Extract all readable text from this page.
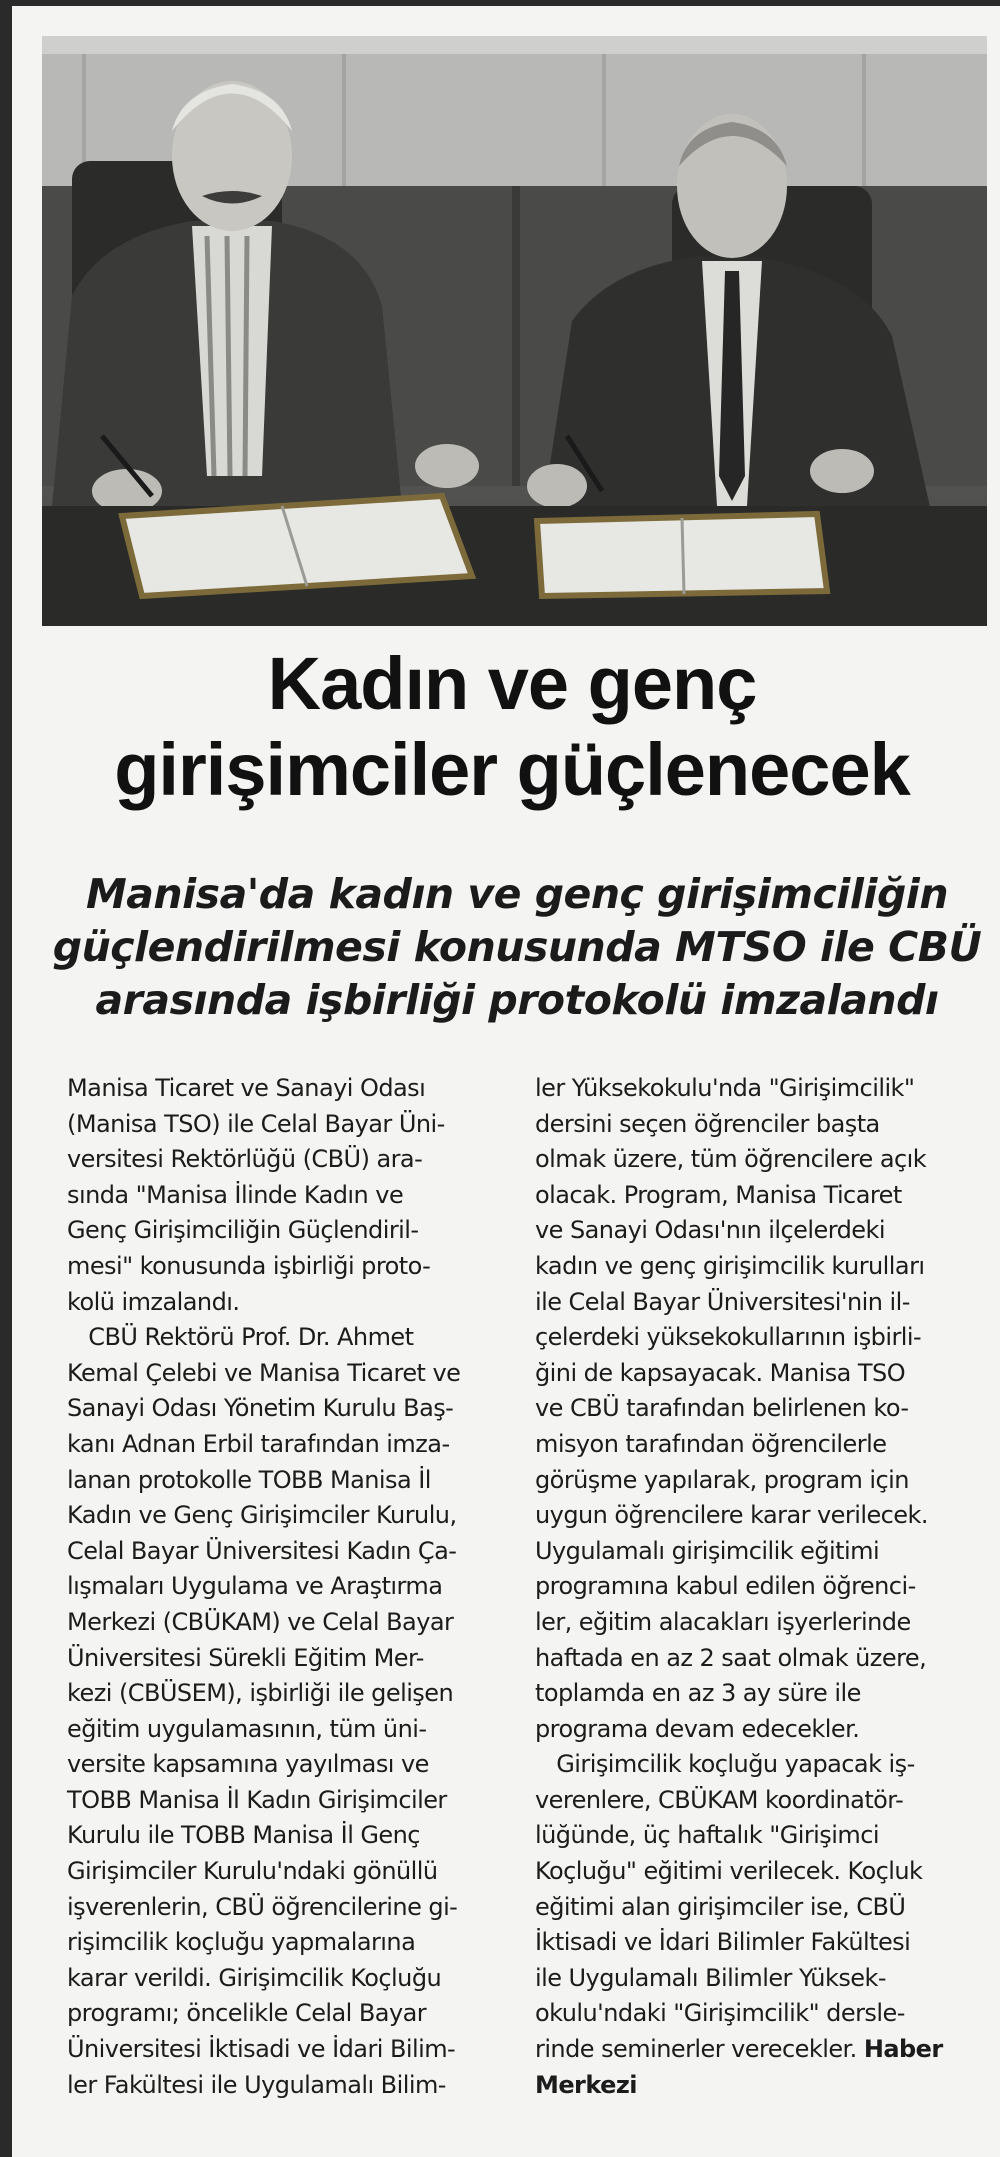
Kadın ve genç
girişimciler güçlenecek
Manisa'da kadın ve genç girişimciliğin
güçlendirilmesi konusunda MTSO ile CBÜ
arasında işbirliği protokolü imzalandı
Manisa Ticaret ve Sanayi Odası
(Manisa TSO) ile Celal Bayar Üni-
versitesi Rektörlüğü (CBÜ) ara-
sında "Manisa İlinde Kadın ve
Genç Girişimciliğin Güçlendiril-
mesi" konusunda işbirliği proto-
kolü imzalandı.
CBÜ Rektörü Prof. Dr. Ahmet
Kemal Çelebi ve Manisa Ticaret ve
Sanayi Odası Yönetim Kurulu Baş-
kanı Adnan Erbil tarafından imza-
lanan protokolle TOBB Manisa İl
Kadın ve Genç Girişimciler Kurulu,
Celal Bayar Üniversitesi Kadın Ça-
lışmaları Uygulama ve Araştırma
Merkezi (CBÜKAM) ve Celal Bayar
Üniversitesi Sürekli Eğitim Mer-
kezi (CBÜSEM), işbirliği ile gelişen
eğitim uygulamasının, tüm üni-
versite kapsamına yayılması ve
TOBB Manisa İl Kadın Girişimciler
Kurulu ile TOBB Manisa İl Genç
Girişimciler Kurulu'ndaki gönüllü
işverenlerin, CBÜ öğrencilerine gi-
rişimcilik koçluğu yapmalarına
karar verildi. Girişimcilik Koçluğu
programı; öncelikle Celal Bayar
Üniversitesi İktisadi ve İdari Bilim-
ler Fakültesi ile Uygulamalı Bilim-
ler Yüksekokulu'nda "Girişimcilik"
dersini seçen öğrenciler başta
olmak üzere, tüm öğrencilere açık
olacak. Program, Manisa Ticaret
ve Sanayi Odası'nın ilçelerdeki
kadın ve genç girişimcilik kurulları
ile Celal Bayar Üniversitesi'nin il-
çelerdeki yüksekokullarının işbirli-
ğini de kapsayacak. Manisa TSO
ve CBÜ tarafından belirlenen ko-
misyon tarafından öğrencilerle
görüşme yapılarak, program için
uygun öğrencilere karar verilecek.
Uygulamalı girişimcilik eğitimi
programına kabul edilen öğrenci-
ler, eğitim alacakları işyerlerinde
haftada en az 2 saat olmak üzere,
toplamda en az 3 ay süre ile
programa devam edecekler.
Girişimcilik koçluğu yapacak iş-
verenlere, CBÜKAM koordinatör-
lüğünde, üç haftalık "Girişimci
Koçluğu" eğitimi verilecek. Koçluk
eğitimi alan girişimciler ise, CBÜ
İktisadi ve İdari Bilimler Fakültesi
ile Uygulamalı Bilimler Yüksek-
okulu'ndaki "Girişimcilik" dersle-
rinde seminerler verecekler. Haber
Merkezi
